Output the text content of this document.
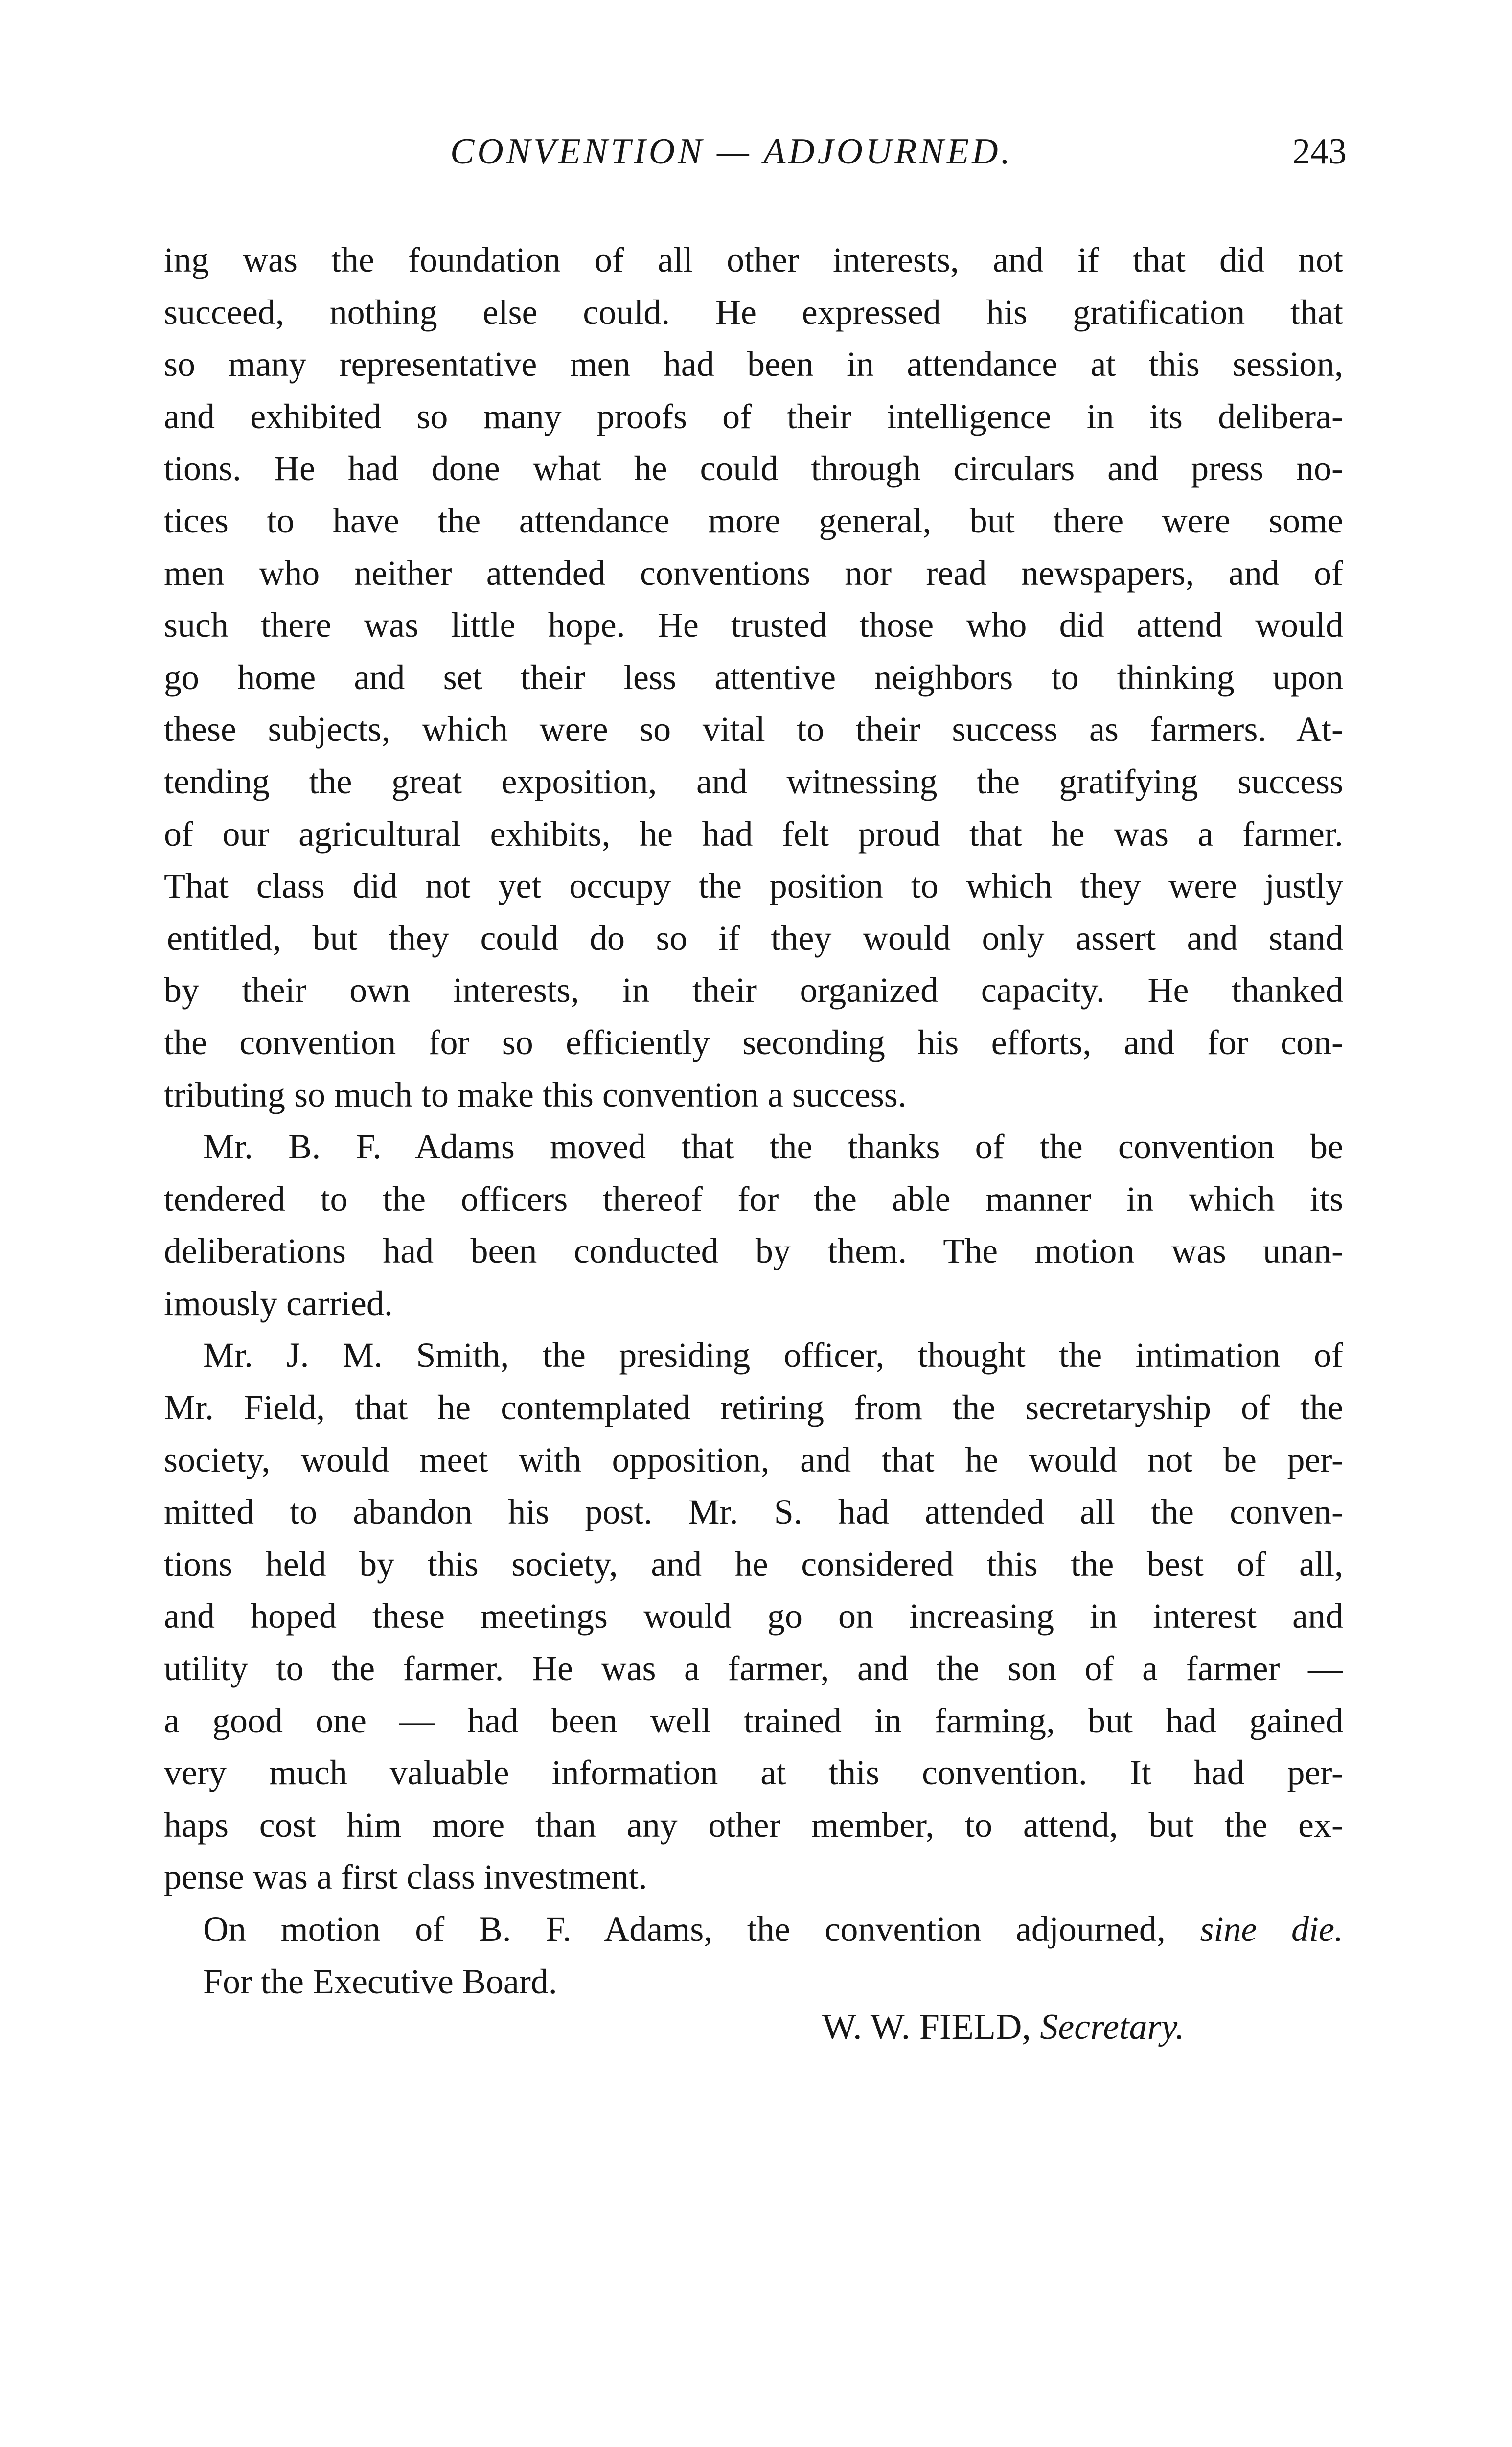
CONVENTION — ADJOURNED.	243
ing was the foundation of all other interests, and if that did not
succeed, nothing else could. He expressed his gratification that
so many representative men had been in attendance at this session,
and exhibited so many proofs of their intelligence in its delibera-
tions. He had done what he could through circulars and press no-
tices to have the attendance more general, but there were some
men who neither attended conventions nor read newspapers, and of
such there was little hope. He trusted those who did attend would
go home and set their less attentive neighbors to thinking upon
these subjects, which were so vital to their success as farmers. At-
tending the great exposition, and witnessing the gratifying success
of our agricultural exhibits, he had felt proud that he was a farmer.
That class did not yet occupy the position to which they were justly
entitled, but they could do so if they would only assert and stand
by their own interests, in their organized capacity. He thanked
the convention for so efficiently seconding his efforts, and for con-
tributing so much to make this convention a success.
Mr. B. F. Adams moved that the thanks of the convention be
tendered to the officers thereof for the able manner in which its
deliberations had been conducted by them. The motion was unan-
imously carried.
Mr. J. M. Smith, the presiding officer, thought the intimation of
Mr. Field, that he contemplated retiring from the secretaryship of the
society, would meet with opposition, and that he would not be per-
mitted to abandon his post. Mr. S. had attended all the conven-
tions held by this society, and he considered this the best of all,
and hoped these meetings would go on increasing in interest and
utility to the farmer. He was a farmer, and the son of a farmer —
a good one — had been well trained in farming, but had gained
very much valuable information at this convention. It had per-
haps cost him more than any other member, to attend, but the ex-
pense was a first class investment.
On motion of B. F. Adams, the convention adjourned, sine die.
For the Executive Board.
W. W. FIELD, Secretary.
